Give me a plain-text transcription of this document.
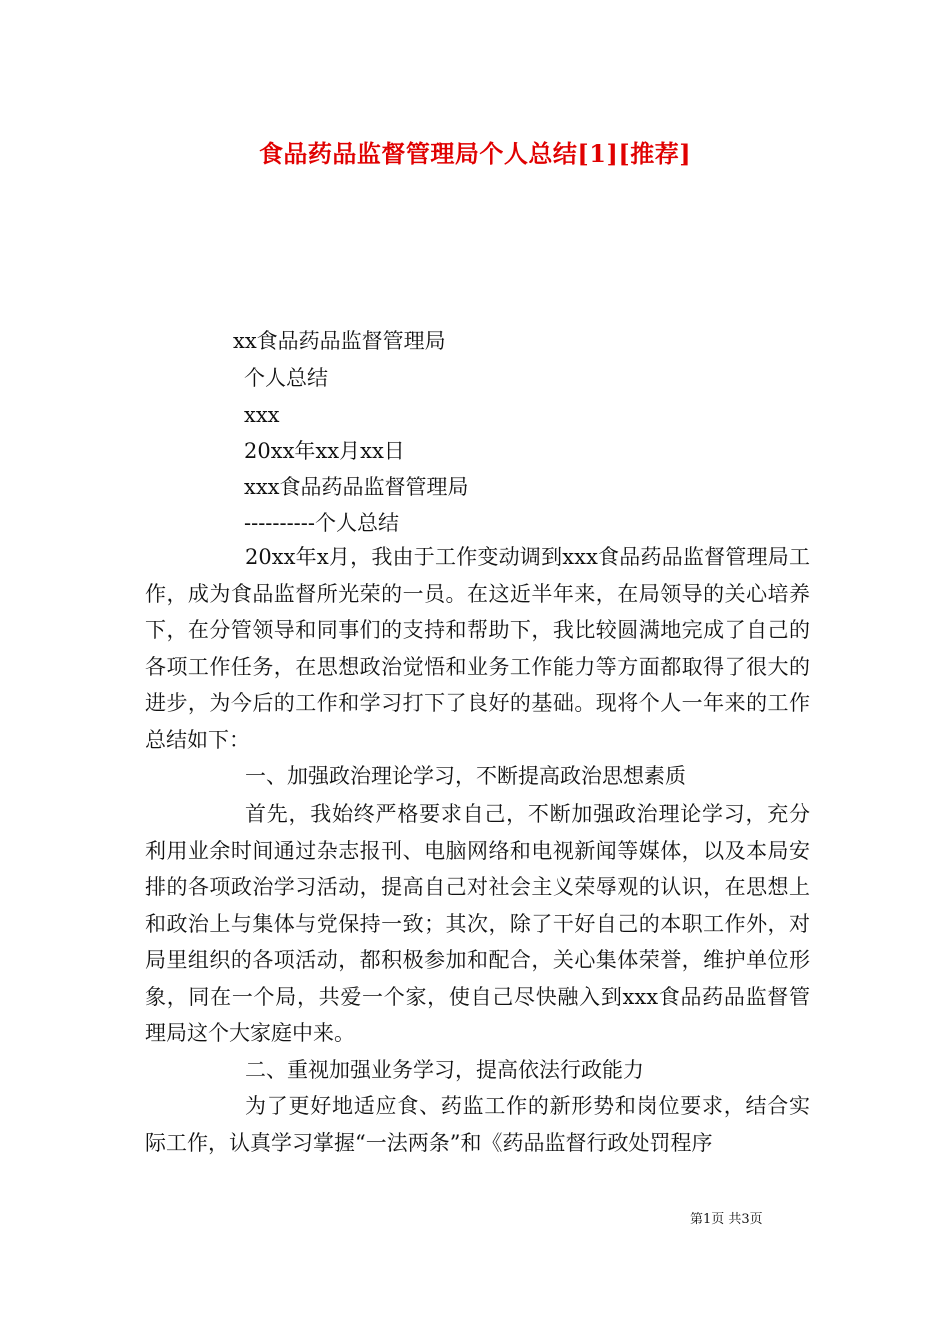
食品药品监督管理局个人总结[1][推荐]
xx食品药品监督管理局
个人总结
xxx
20xx年xx月xx日
xxx食品药品监督管理局
----------个人总结

20xx年x月，我由于工作变动调到xxx食品药品监督管理局工作，成为食品监督所光荣的一员。在这近半年来，在局领导的关心培养下，在分管领导和同事们的支持和帮助下，我比较圆满地完成了自己的各项工作任务，在思想政治觉悟和业务工作能力等方面都取得了很大的进步，为今后的工作和学习打下了良好的基础。现将个人一年来的工作总结如下：

一、加强政治理论学习，不断提高政治思想素质

首先，我始终严格要求自己，不断加强政治理论学习，充分利用业余时间通过杂志报刊、电脑网络和电视新闻等媒体，以及本局安排的各项政治学习活动，提高自己对社会主义荣辱观的认识，在思想上和政治上与集体与党保持一致；其次，除了干好自己的本职工作外，对局里组织的各项活动，都积极参加和配合，关心集体荣誉，维护单位形象，同在一个局，共爱一个家，使自己尽快融入到xxx食品药品监督管理局这个大家庭中来。

二、重视加强业务学习，提高依法行政能力

为了更好地适应食、药监工作的新形势和岗位要求，结合实际工作，认真学习掌握“一法两条”和《药品监督行政处罚程序

第1页 共3页
